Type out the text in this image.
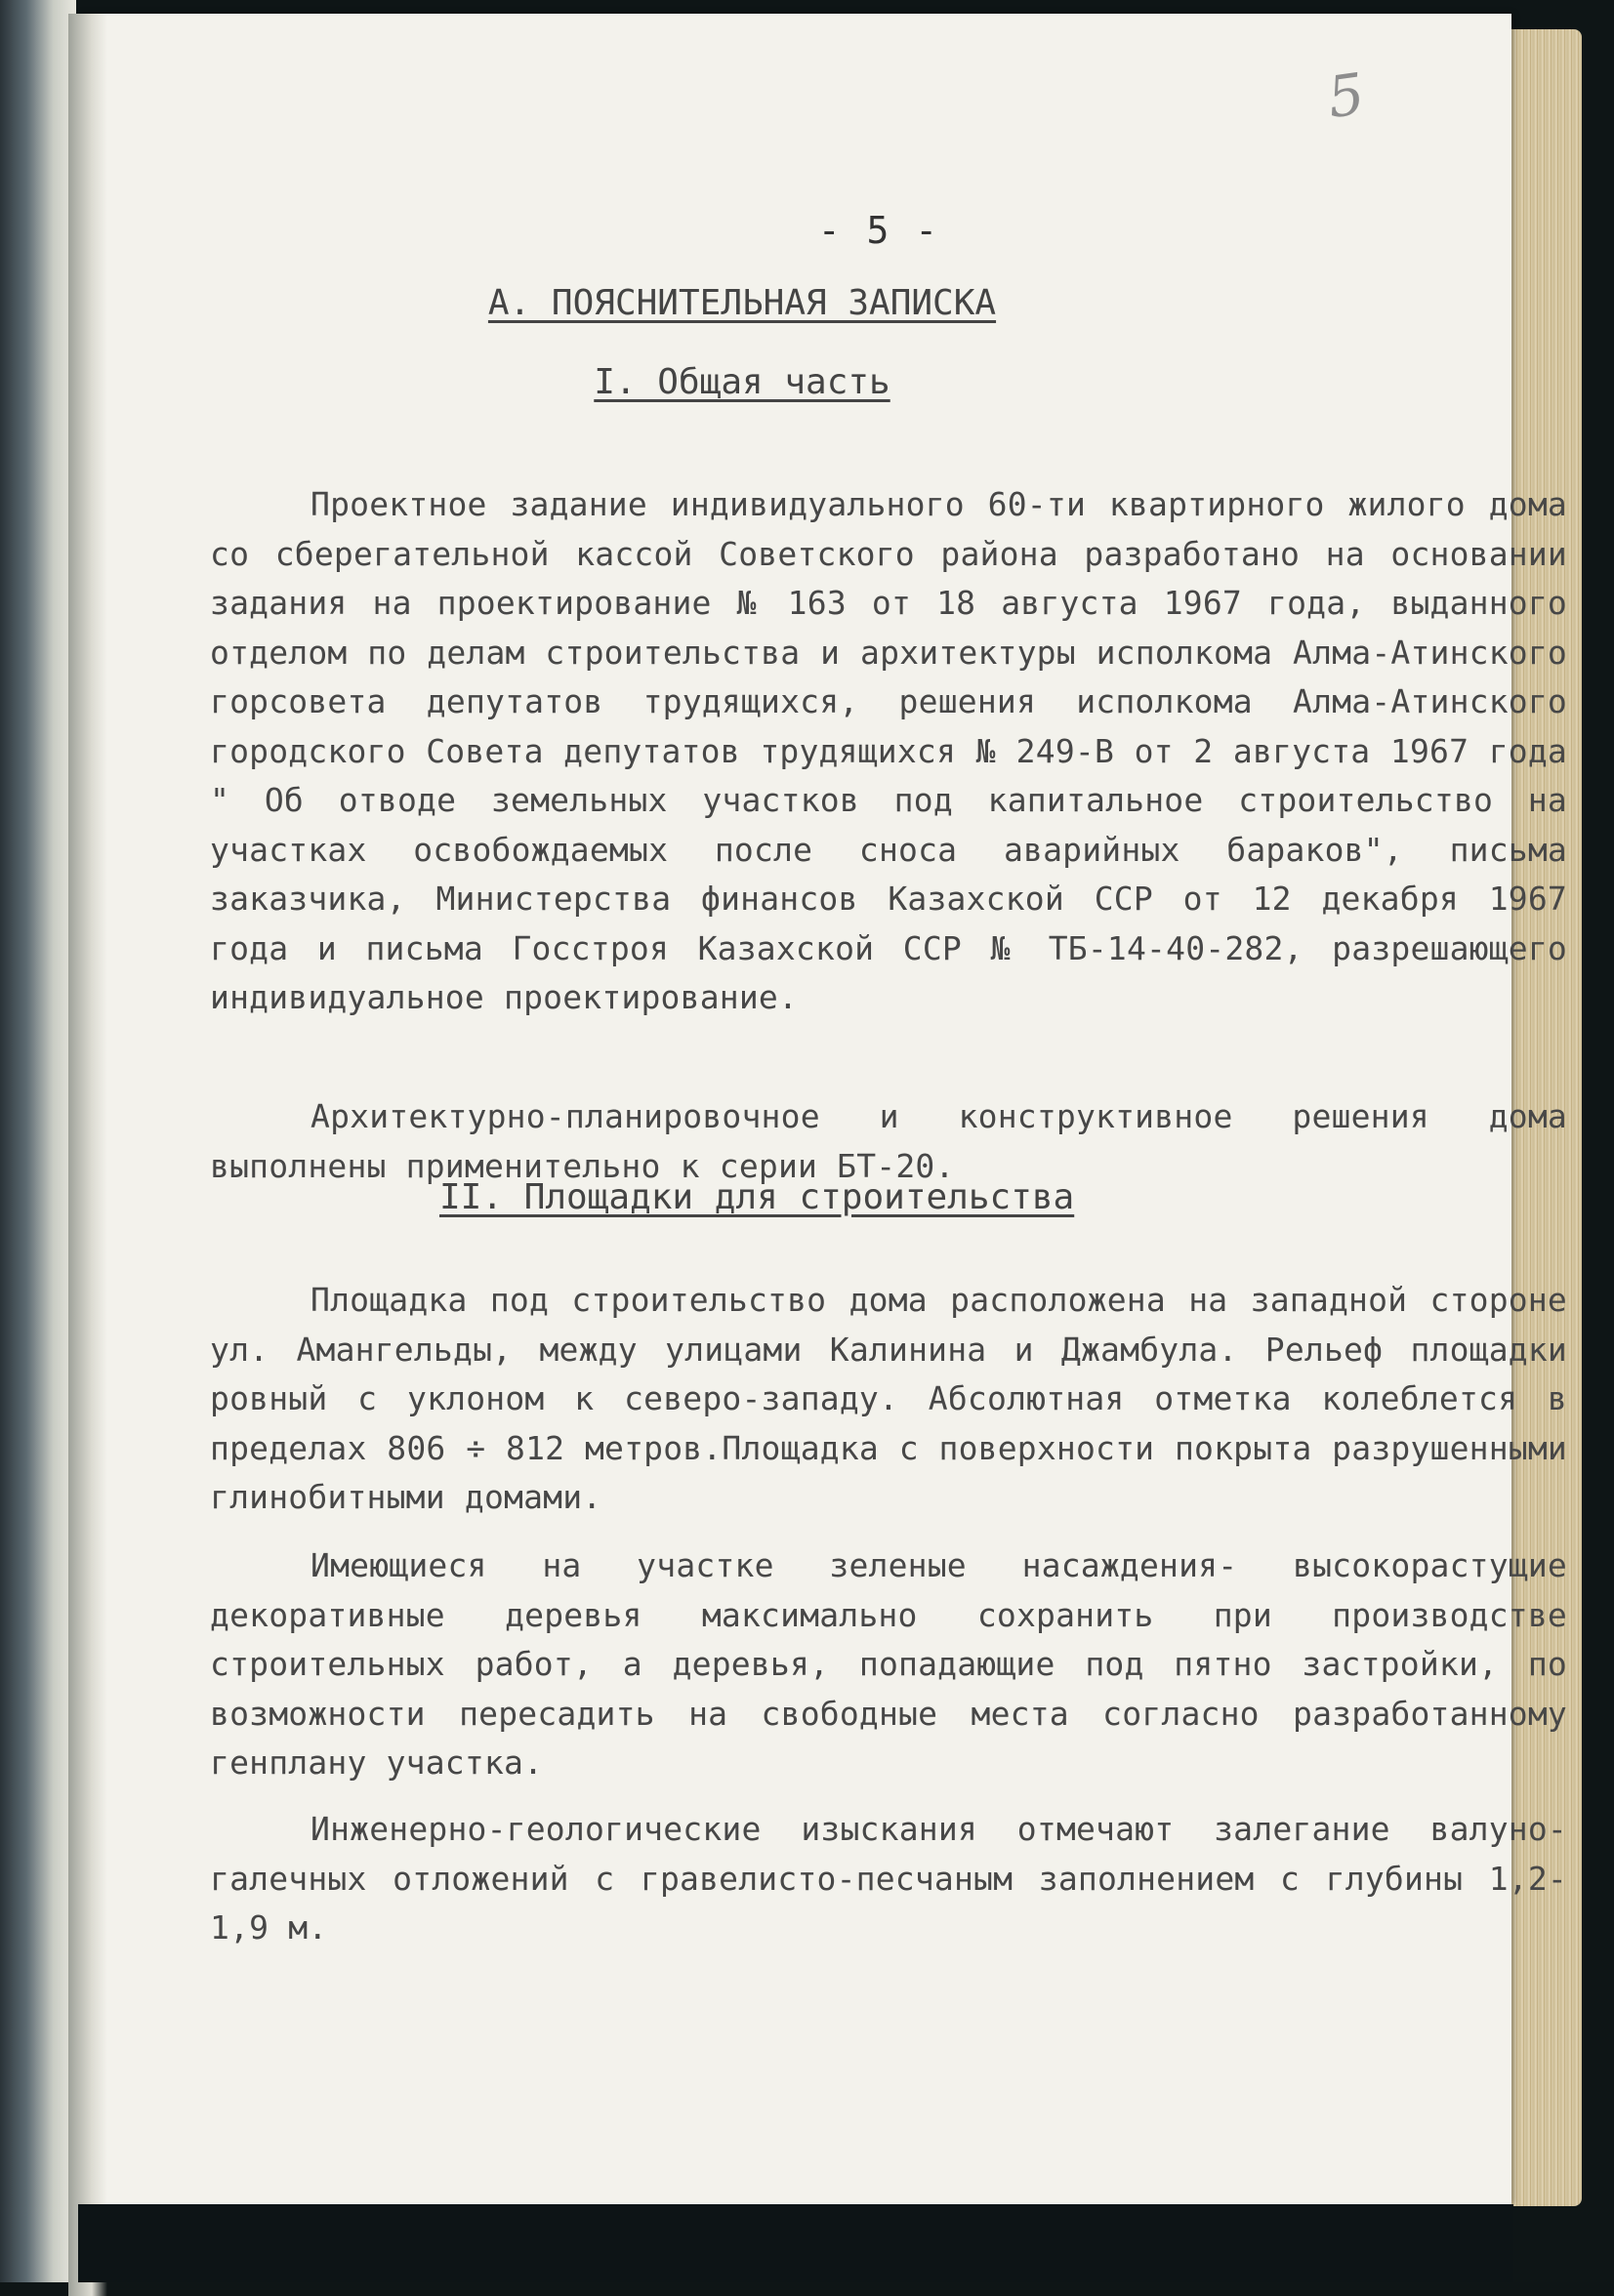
5
- 5 -
А. ПОЯСНИТЕЛЬНАЯ ЗАПИСКА
I. Общая часть

Проектное задание индивидуального 60-ти квартирного жилого дома со сберегательной кассой Советского района разработано на основании задания на проектирование № 163 от 18 августа 1967 года, выданного отделом по делам строительства и архитектуры исполкома Алма-Атинского горсовета депутатов трудящихся, решения исполкома Алма-Атинского городского Совета депутатов трудящихся № 249-В от 2 августа 1967 года " Об отводе земельных участков под капитальное строительство на участках освобождаемых после сноса аварийных бараков", письма заказчика, Министерства финансов Казахской ССР от 12 декабря 1967 года и письма Госстроя Казахской ССР № ТБ-14-40-282, разрешающего индивидуальное проектирование.

Архитектурно-планировочное и конструктивное решения дома выполнены применительно к серии БТ-20.

II. Площадки для строительства

Площадка под строительство дома расположена на западной стороне ул. Амангельды, между улицами Калинина и Джамбула. Рельеф площадки ровный с уклоном к северо-западу. Абсолютная отметка колеблется в пределах 806 ÷ 812 метров.Площадка с поверхности покрыта разрушенными глинобитными домами.

Имеющиеся на участке зеленые насаждения- высокорастущие декоративные деревья максимально сохранить при производстве строительных работ, а деревья, попадающие под пятно застройки, по возможности пересадить на свободные места согласно разработанному генплану участка.

Инженерно-геологические изыскания отмечают залегание валуно-галечных отложений с гравелисто-песчаным заполнением с глубины 1,2-1,9 м.
